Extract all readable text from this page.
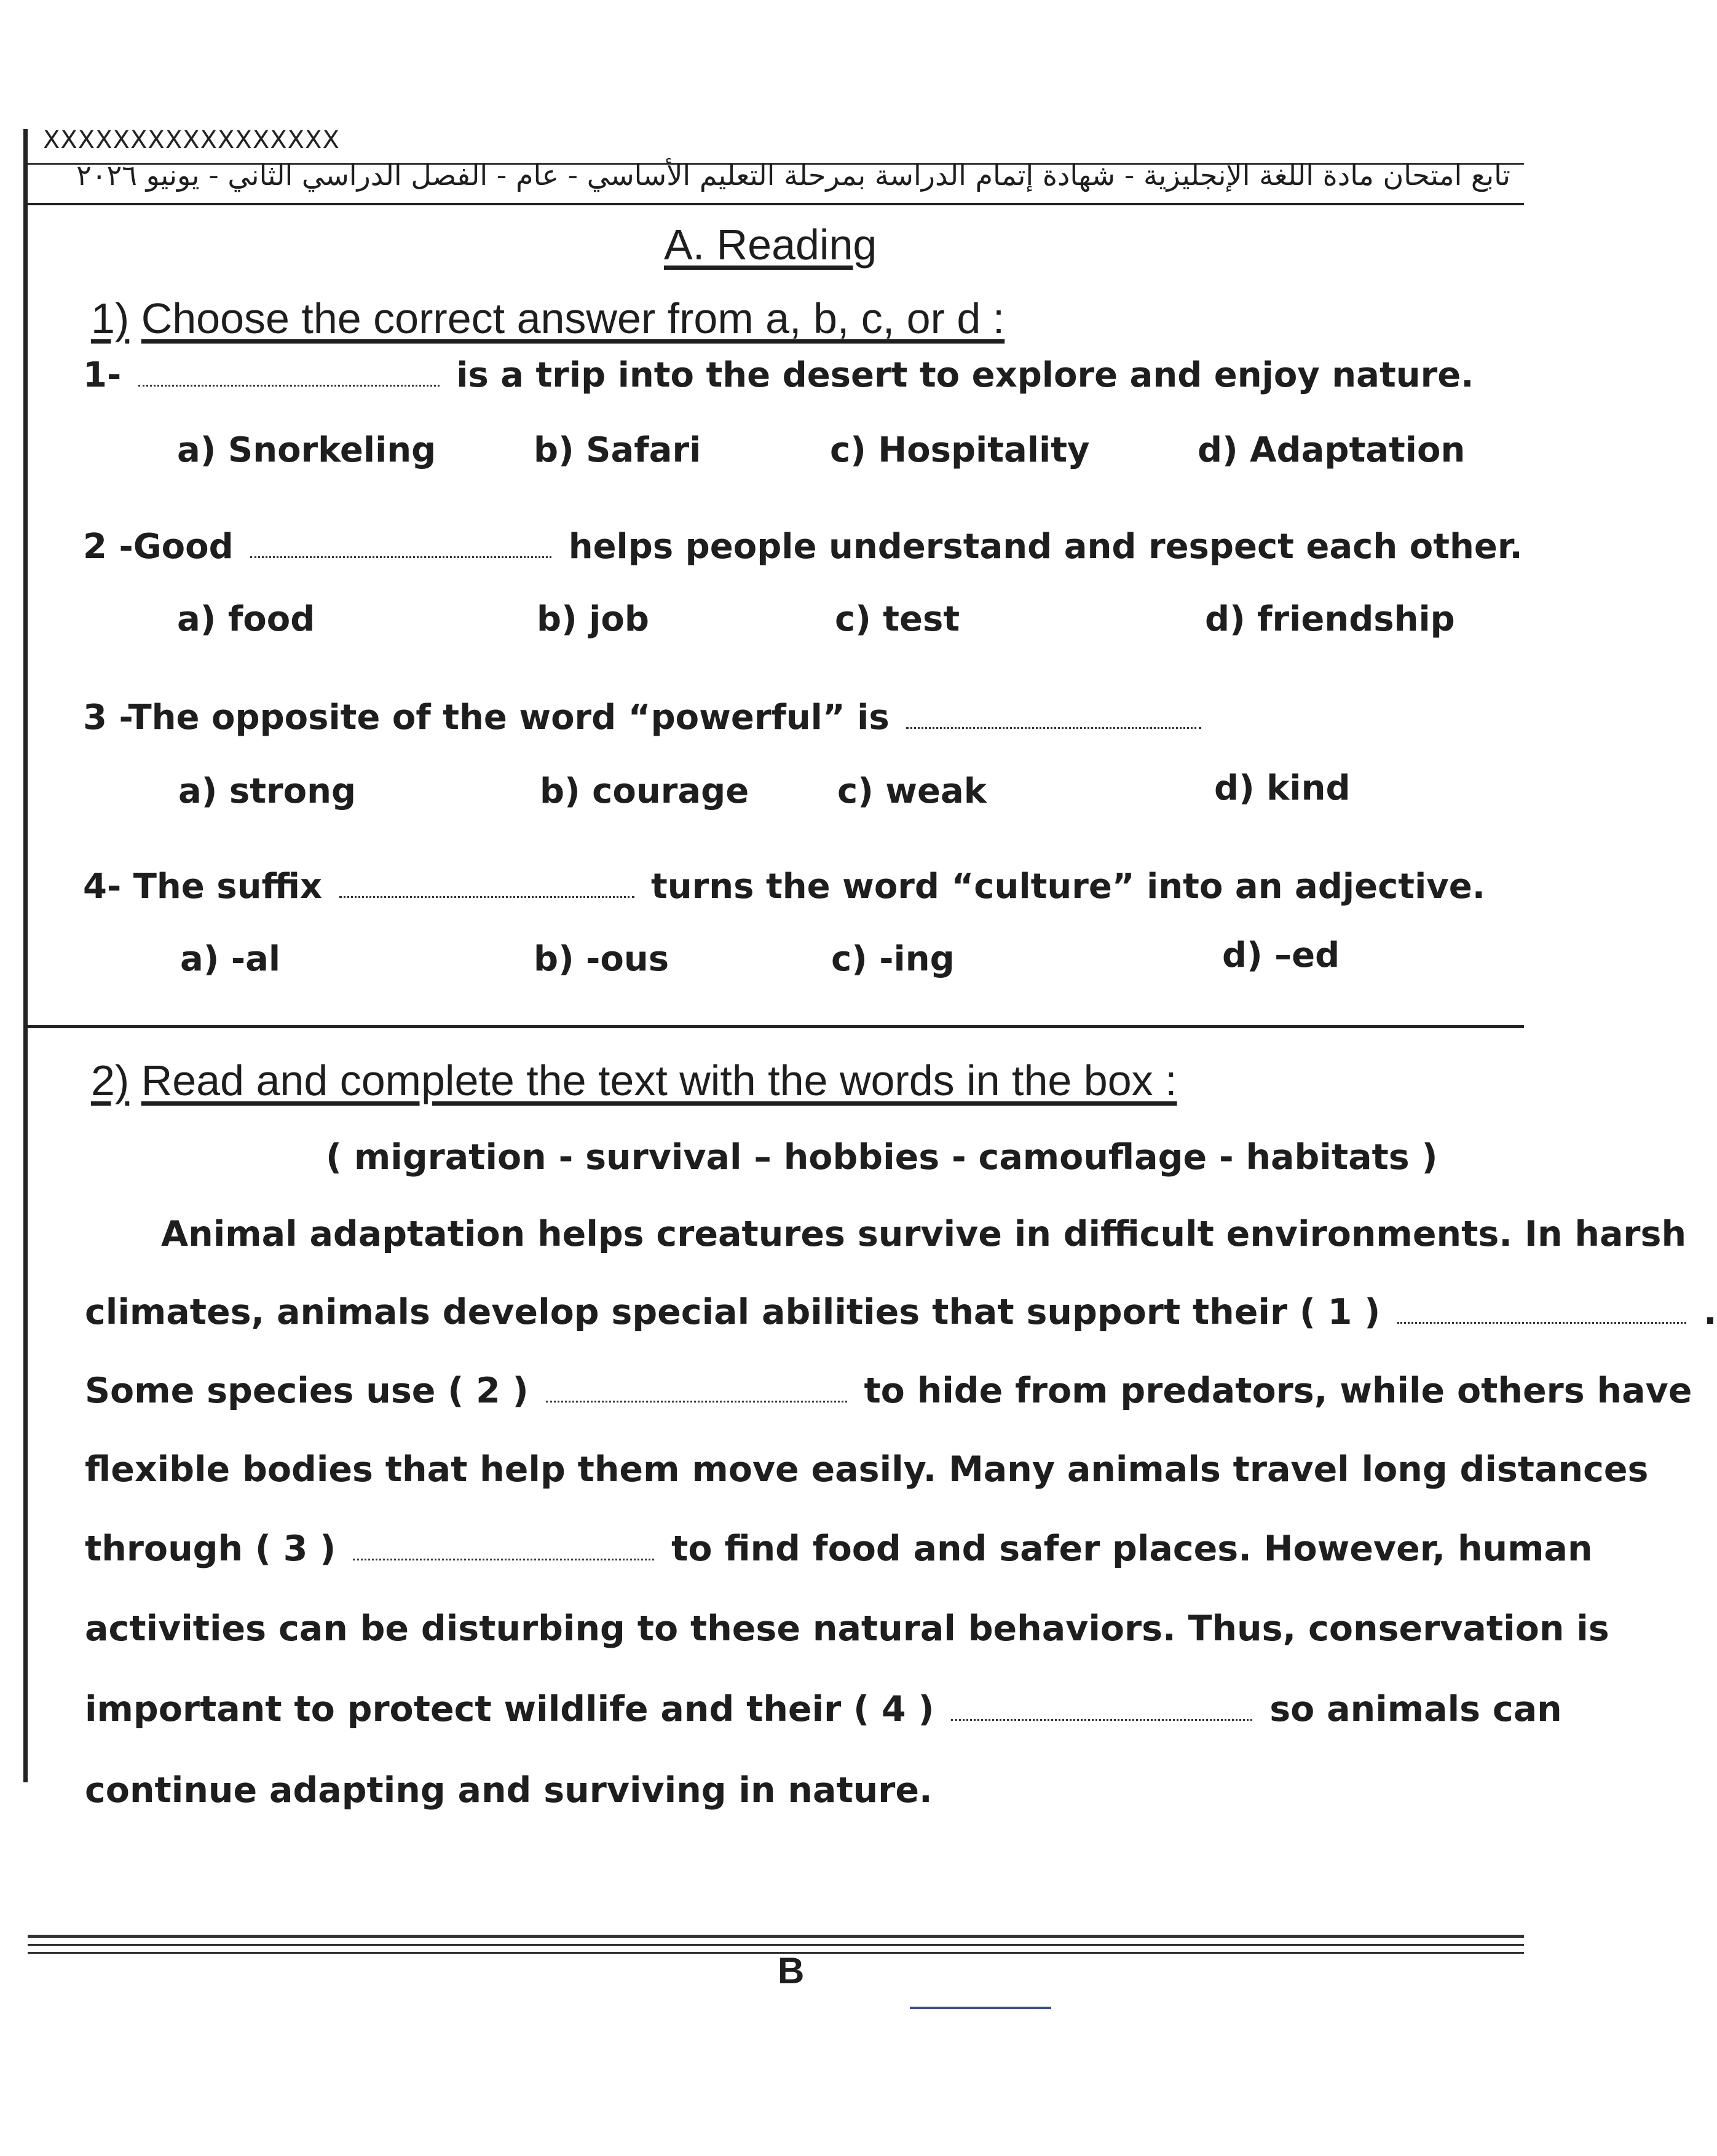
XXXXXXXXXXXXXXXXX
تابع امتحان مادة اللغة الإنجليزية - شهادة إتمام الدراسة بمرحلة التعليم الأساسي - عام - الفصل الدراسي الثاني - يونيو ٢٠٢٦
A. Reading
1) Choose the correct answer from a, b, c, or d :
1-	is a trip into the desert to explore and enjoy nature.
a) Snorkeling	b) Safari	c) Hospitality	d) Adaptation
2 -Good	helps people understand and respect each other.
a) food	b) job	c) test	d) friendship
3 -The opposite of the word “powerful” is
a) strong	b) courage	c) weak	d) kind
4- The suffix	turns the word “culture” into an adjective.
a) -al	b) -ous	c) -ing	d) –ed
2) Read and complete the text with the words in the box :
( migration - survival – hobbies - camouflage - habitats )
Animal adaptation helps creatures survive in difficult environments. In harsh
climates, animals develop special abilities that support their ( 1 )	.
Some species use ( 2 )	to hide from predators, while others have
flexible bodies that help them move easily. Many animals travel long distances
through ( 3 )	to find food and safer places. However, human
activities can be disturbing to these natural behaviors. Thus, conservation is
important to protect wildlife and their ( 4 )	so animals can
continue adapting and surviving in nature.
B
